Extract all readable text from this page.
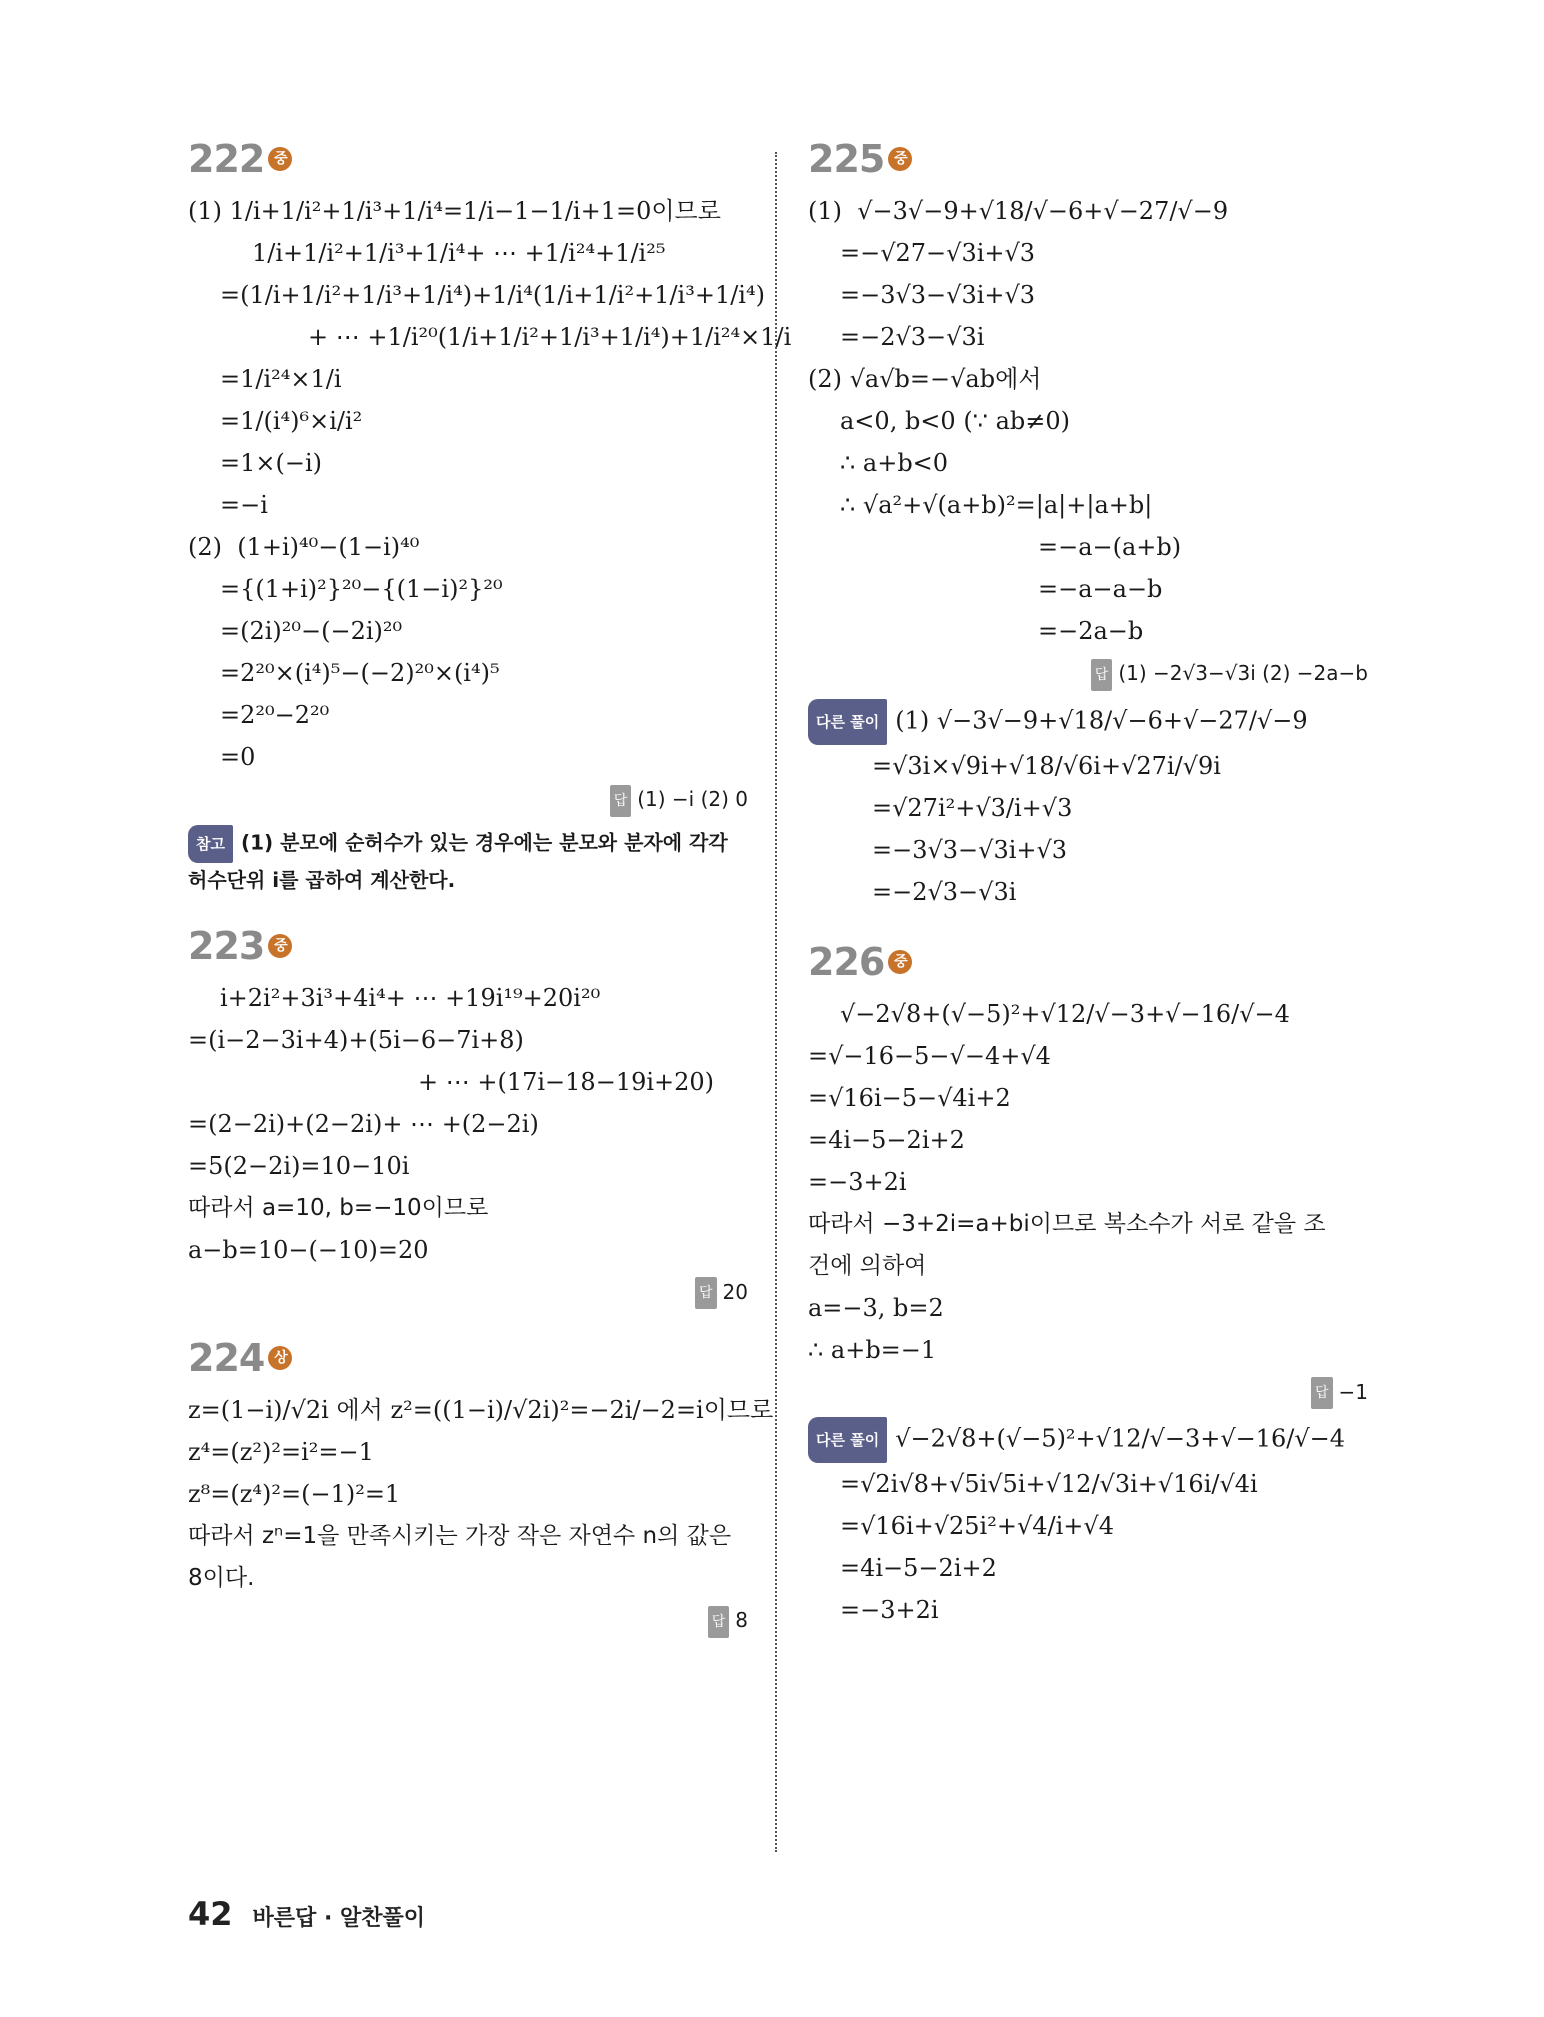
222 중

(1) 1/i+1/i²+1/i³+1/i⁴=1/i−1−1/i+1=0이므로

1/i+1/i²+1/i³+1/i⁴+ ⋯ +1/i²⁴+1/i²⁵

=(1/i+1/i²+1/i³+1/i⁴)+1/i⁴(1/i+1/i²+1/i³+1/i⁴)

+ ⋯ +1/i²⁰(1/i+1/i²+1/i³+1/i⁴)+1/i²⁴×1/i

=1/i²⁴×1/i

=1/(i⁴)⁶×i/i²

=1×(−i)

=−i

(2)  (1+i)⁴⁰−(1−i)⁴⁰

={(1+i)²}²⁰−{(1−i)²}²⁰

=(2i)²⁰−(−2i)²⁰

=2²⁰×(i⁴)⁵−(−2)²⁰×(i⁴)⁵

=2²⁰−2²⁰

=0

답 (1) −i (2) 0
참고 (1) 분모에 순허수가 있는 경우에는 분모와 분자에 각각 허수단위 i를 곱하여 계산한다.
223 중

i+2i²+3i³+4i⁴+ ⋯ +19i¹⁹+20i²⁰

=(i−2−3i+4)+(5i−6−7i+8)

+ ⋯ +(17i−18−19i+20)

=(2−2i)+(2−2i)+ ⋯ +(2−2i)

=5(2−2i)=10−10i

따라서 a=10, b=−10이므로

a−b=10−(−10)=20

답 20
224 상

z=(1−i)/√2i 에서 z²=((1−i)/√2i)²=−2i/−2=i이므로

z⁴=(z²)²=i²=−1

z⁸=(z⁴)²=(−1)²=1

따라서 zⁿ=1을 만족시키는 가장 작은 자연수 n의 값은

8이다.

답 8
225 중

(1)  √−3√−9+√18/√−6+√−27/√−9

=−√27−√3i+√3

=−3√3−√3i+√3

=−2√3−√3i

(2) √a√b=−√ab에서

a<0, b<0 (∵ ab≠0)

∴ a+b<0

∴ √a²+√(a+b)²=|a|+|a+b|

=−a−(a+b)

=−a−a−b

=−2a−b

답 (1) −2√3−√3i (2) −2a−b

다른 풀이 (1) √−3√−9+√18/√−6+√−27/√−9

=√3i×√9i+√18/√6i+√27i/√9i

=√27i²+√3/i+√3

=−3√3−√3i+√3

=−2√3−√3i

226 중

√−2√8+(√−5)²+√12/√−3+√−16/√−4

=√−16−5−√−4+√4

=√16i−5−√4i+2

=4i−5−2i+2

=−3+2i

따라서 −3+2i=a+bi이므로 복소수가 서로 같을 조

건에 의하여

a=−3, b=2

∴ a+b=−1

답 −1

다른 풀이 √−2√8+(√−5)²+√12/√−3+√−16/√−4

=√2i√8+√5i√5i+√12/√3i+√16i/√4i

=√16i+√25i²+√4/i+√4

=4i−5−2i+2

=−3+2i

42 바른답 · 알찬풀이
